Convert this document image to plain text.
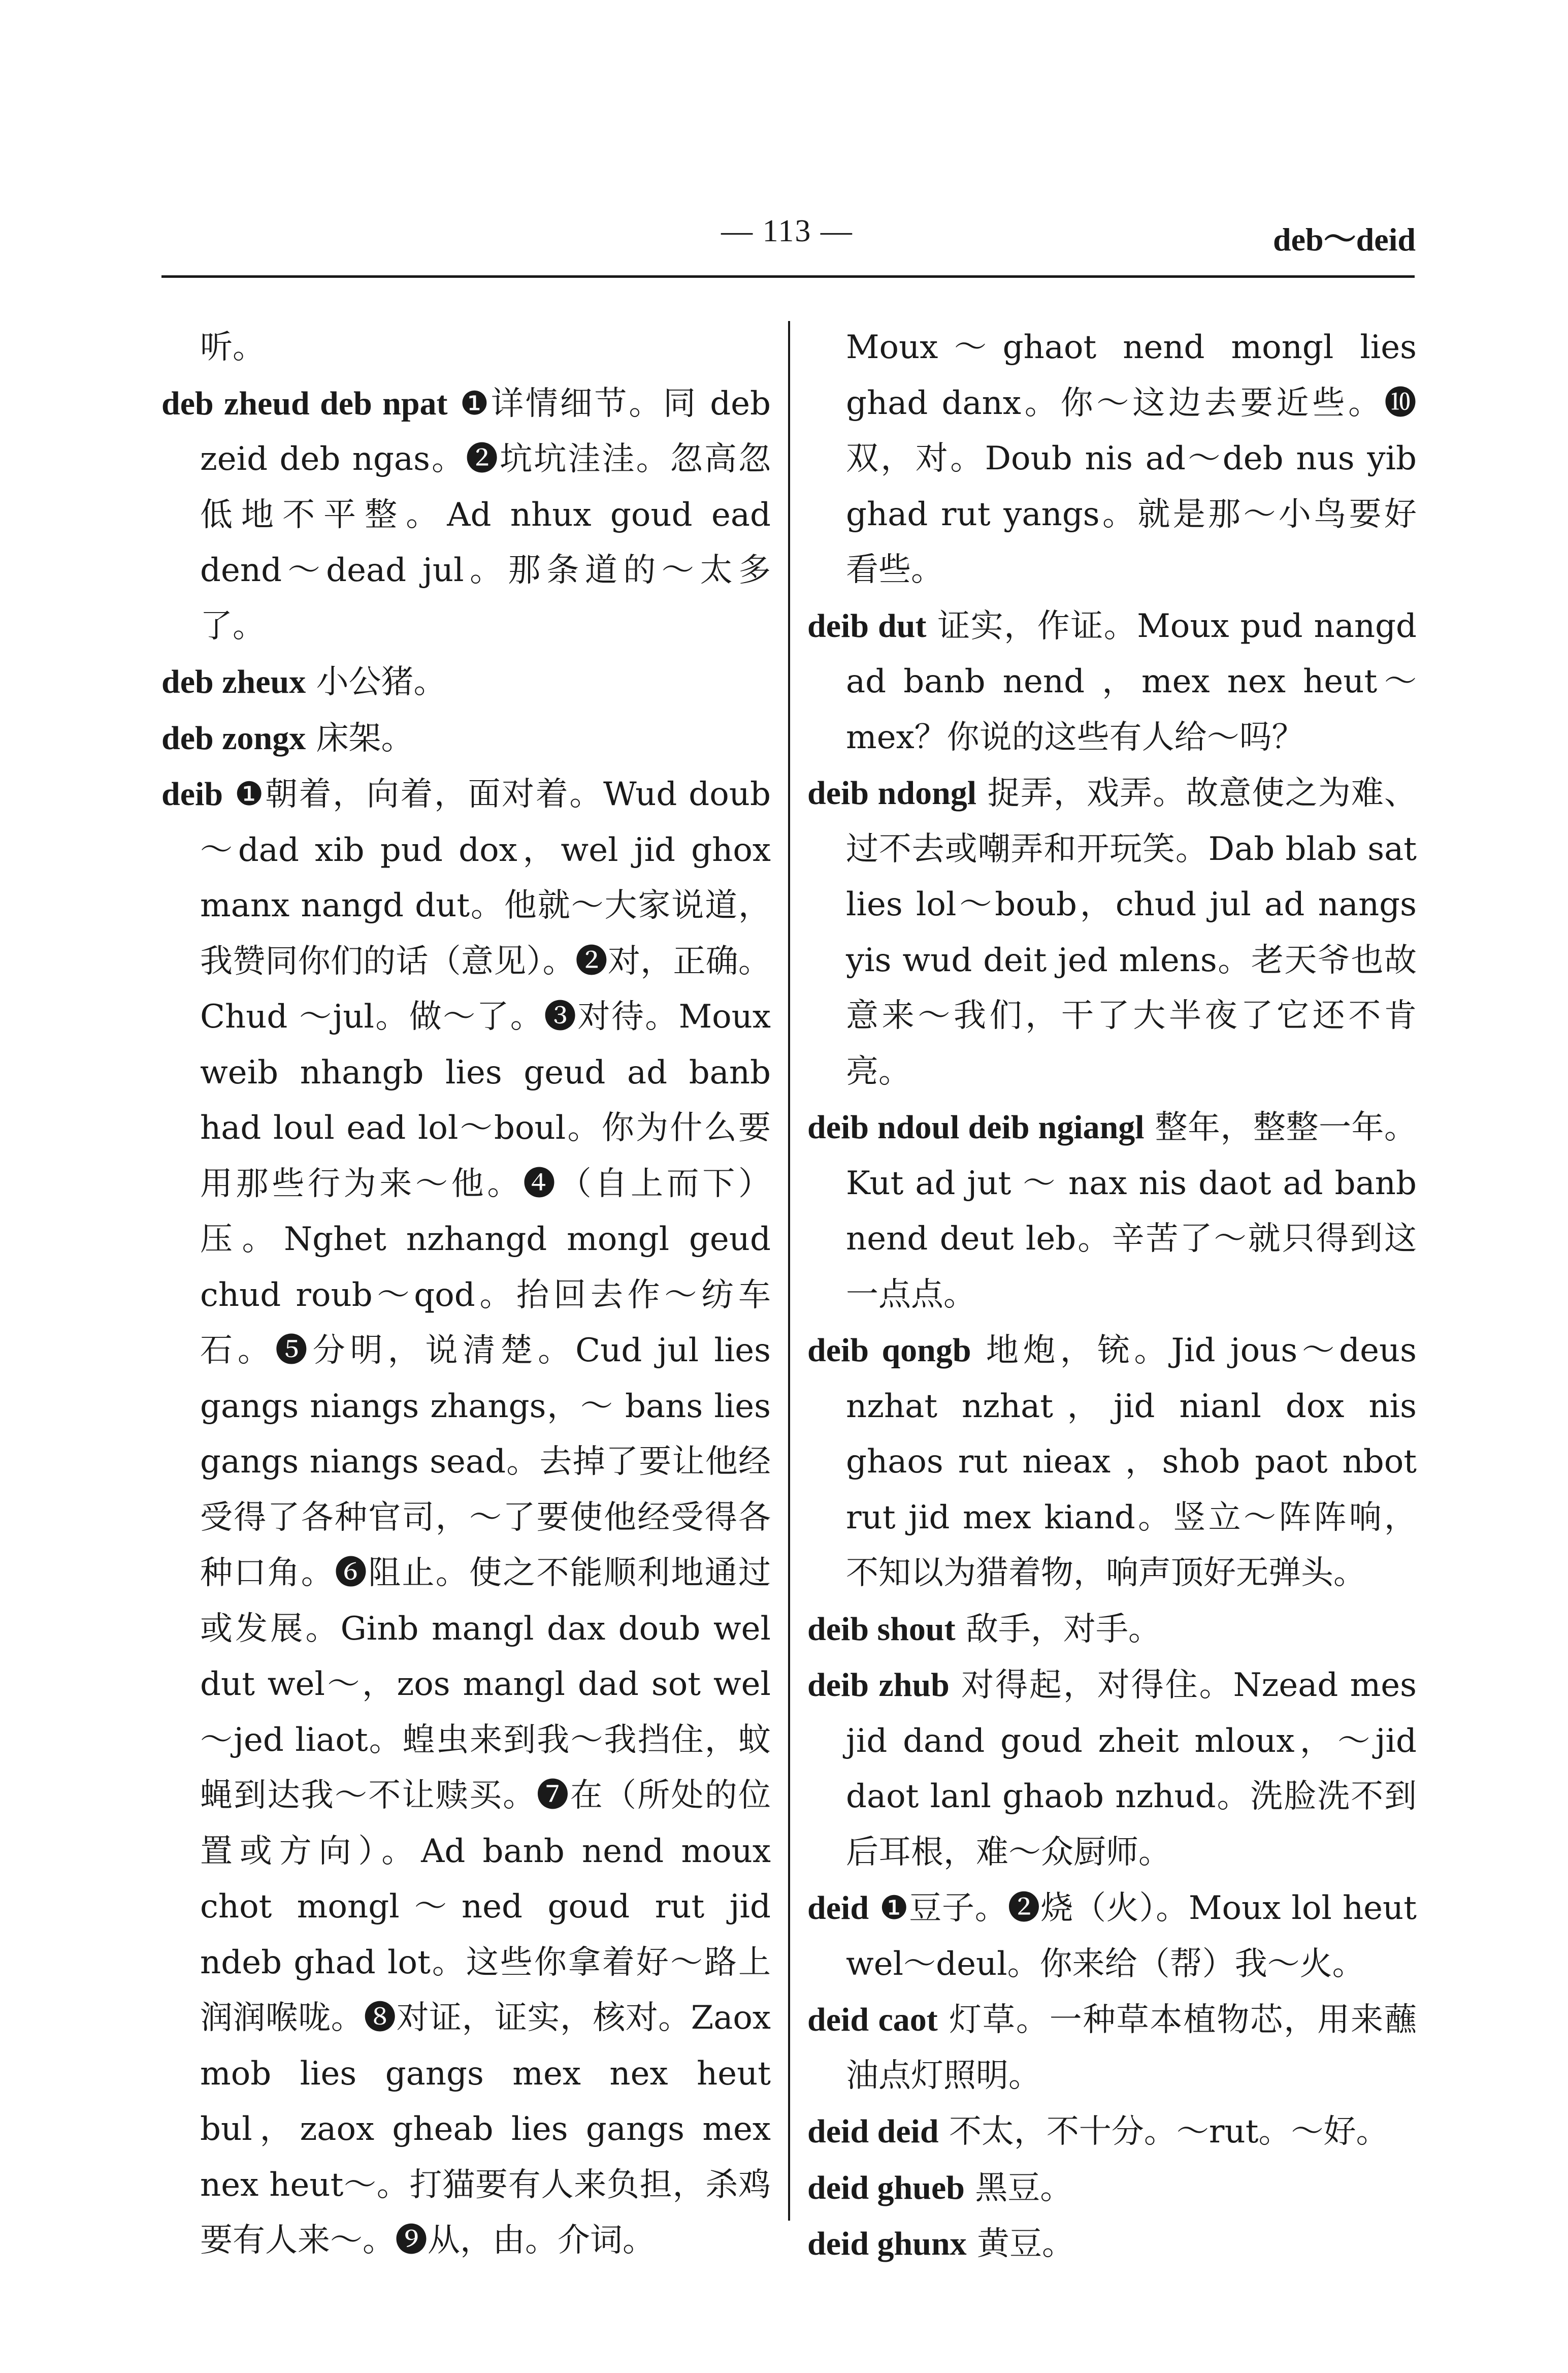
— 113 —	deb～deid

听。

deb zheud deb npat ❶详情细节。同 deb zeid deb ngas。❷坑坑洼洼。忽高忽低地不平整。Ad nhux goud ead dend～dead jul。那条道的～太多了。

deb zheux 小公猪。

deb zongx 床架。

deib ❶朝着，向着，面对着。Wud doub ～dad xib pud dox，wel jid ghox manx nangd dut。他就～大家说道，我赞同你们的话（意见）。❷对，正确。Chud ～jul。做～了。❸对待。Moux weib nhangb lies geud ad banb had loul ead lol～boul。你为什么要用那些行为来～他。❹（自上而下）压。Nghet nzhangd mongl geud chud roub～qod。抬回去作～纺车石。❺分明，说清楚。Cud jul lies gangs niangs zhangs，～ bans lies gangs niangs sead。去掉了要让他经受得了各种官司，～了要使他经受得各种口角。❻阻止。使之不能顺利地通过或发展。Ginb mangl dax doub wel dut wel～，zos mangl dad sot wel～jed liaot。蝗虫来到我～我挡住，蚊蝇到达我～不让赎买。❼在（所处的位置或方向）。Ad banb nend moux chot mongl～ned goud rut jid ndeb ghad lot。这些你拿着好～路上润润喉咙。❽对证，证实，核对。Zaox mob lies gangs mex nex heut bul，zaox gheab lies gangs mex nex heut～。打猫要有人来负担，杀鸡要有人来～。❾从，由。介词。

Moux～ghaot nend mongl lies ghad danx。你～这边去要近些。❿双，对。Doub nis ad～deb nus yib ghad rut yangs。就是那～小鸟要好看些。

deib dut 证实，作证。Moux pud nangd ad banb nend ，mex nex heut～mex？你说的这些有人给～吗？

deib ndongl 捉弄，戏弄。故意使之为难、过不去或嘲弄和开玩笑。Dab blab sat lies lol～boub，chud jul ad nangs yis wud deit jed mlens。老天爷也故意来～我们，干了大半夜了它还不肯亮。

deib ndoul deib ngiangl 整年，整整一年。Kut ad jut ～ nax nis daot ad banb nend deut leb。辛苦了～就只得到这一点点。

deib qongb 地炮，铳。Jid jous～deus nzhat nzhat，jid nianl dox nis ghaos rut nieax ，shob paot nbot rut jid mex kiand。竖立～阵阵响，不知以为猎着物，响声顶好无弹头。

deib shout 敌手，对手。

deib zhub 对得起，对得住。Nzead mes jid dand goud zheit mloux，～jid daot lanl ghaob nzhud。洗脸洗不到后耳根，难～众厨师。

deid ❶豆子。❷烧（火）。Moux lol heut wel～deul。你来给（帮）我～火。

deid caot 灯草。一种草本植物芯，用来蘸油点灯照明。

deid deid 不太，不十分。～rut。～好。

deid ghueb 黑豆。

deid ghunx 黄豆。
